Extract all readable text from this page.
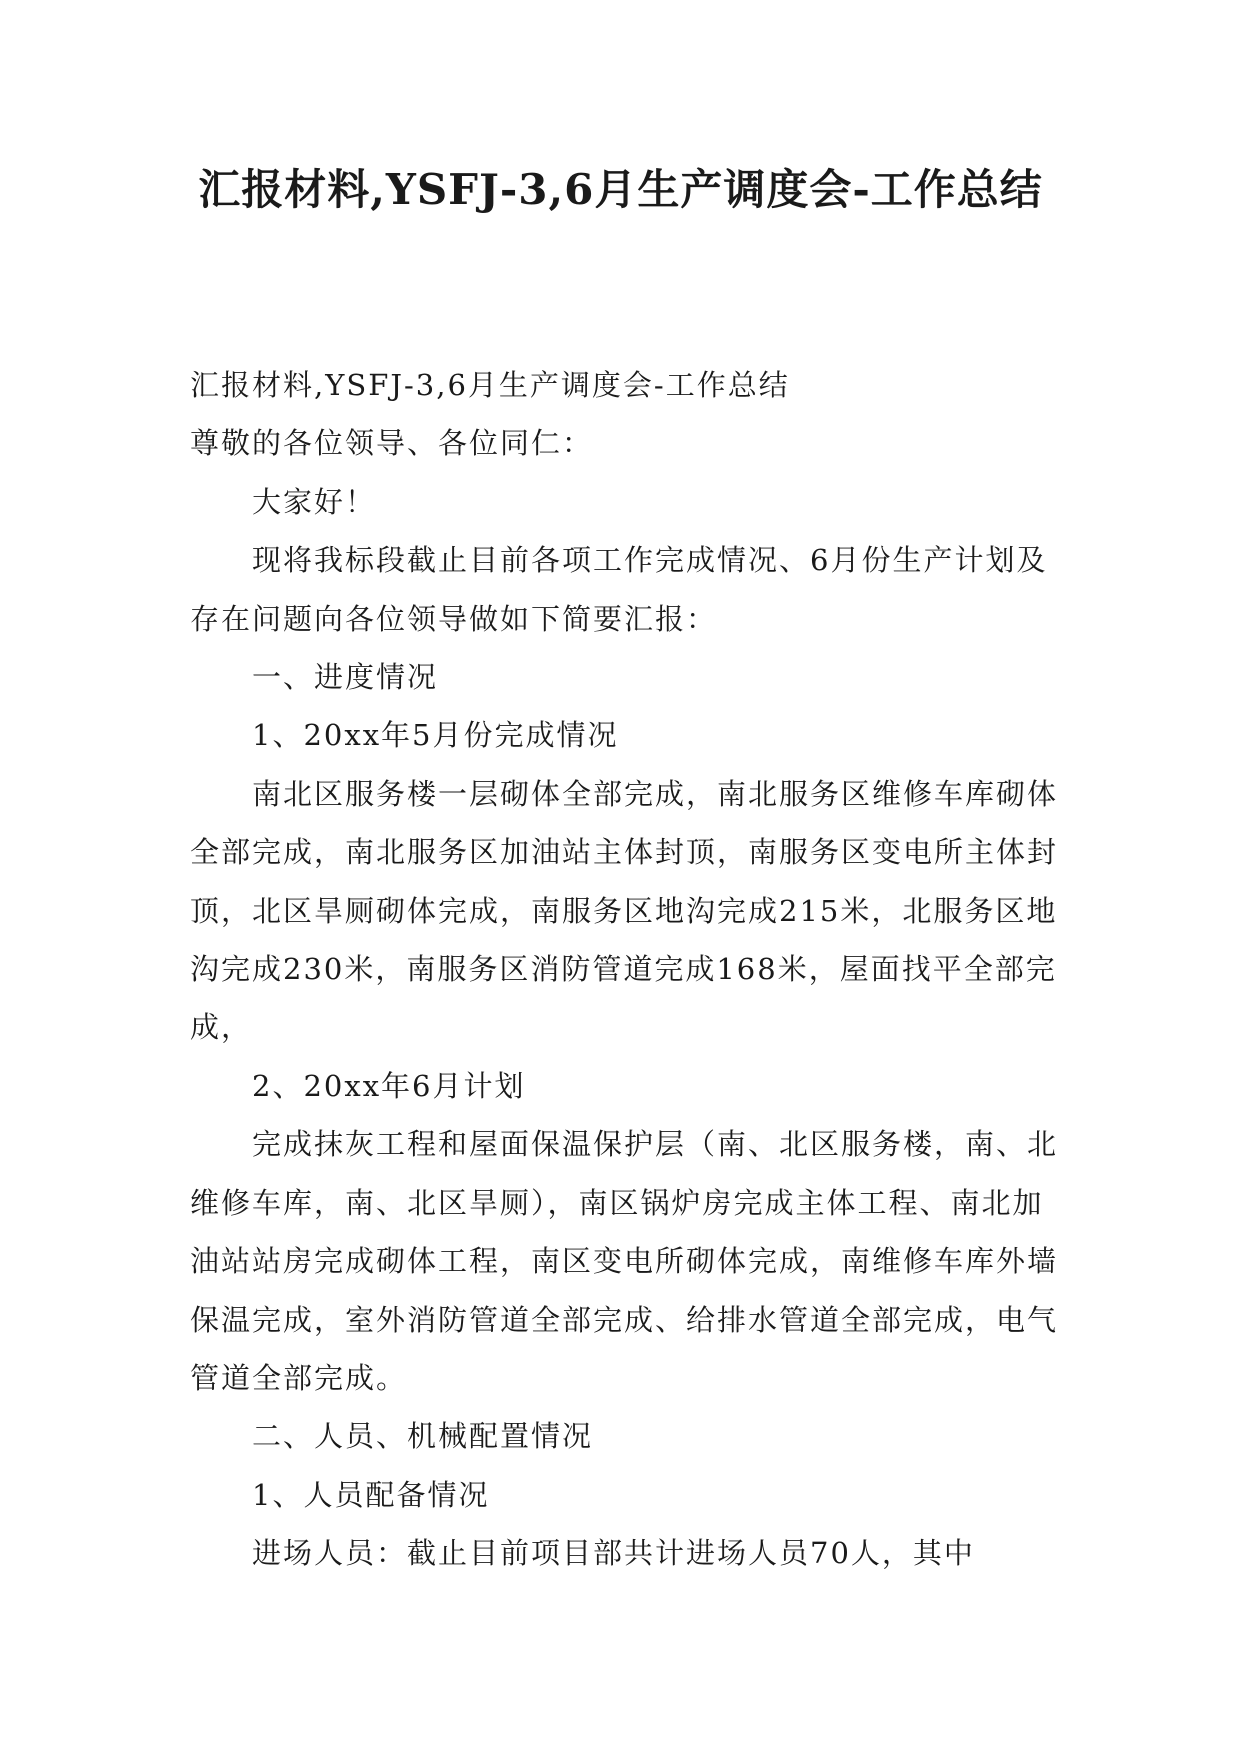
汇报材料,YSFJ-3,6月生产调度会-工作总结

汇报材料,YSFJ-3,6月生产调度会-工作总结

尊敬的各位领导、各位同仁：

大家好！

现将我标段截止目前各项工作完成情况、6月份生产计划及存在问题向各位领导做如下简要汇报：

一、进度情况

1、20xx年5月份完成情况

南北区服务楼一层砌体全部完成，南北服务区维修车库砌体全部完成，南北服务区加油站主体封顶，南服务区变电所主体封顶，北区旱厕砌体完成，南服务区地沟完成215米，北服务区地沟完成230米，南服务区消防管道完成168米，屋面找平全部完成，

2、20xx年6月计划

完成抹灰工程和屋面保温保护层（南、北区服务楼，南、北维修车库，南、北区旱厕），南区锅炉房完成主体工程、南北加油站站房完成砌体工程，南区变电所砌体完成，南维修车库外墙保温完成，室外消防管道全部完成、给排水管道全部完成，电气管道全部完成。

二、人员、机械配置情况

1、人员配备情况

进场人员：截止目前项目部共计进场人员70人，其中
